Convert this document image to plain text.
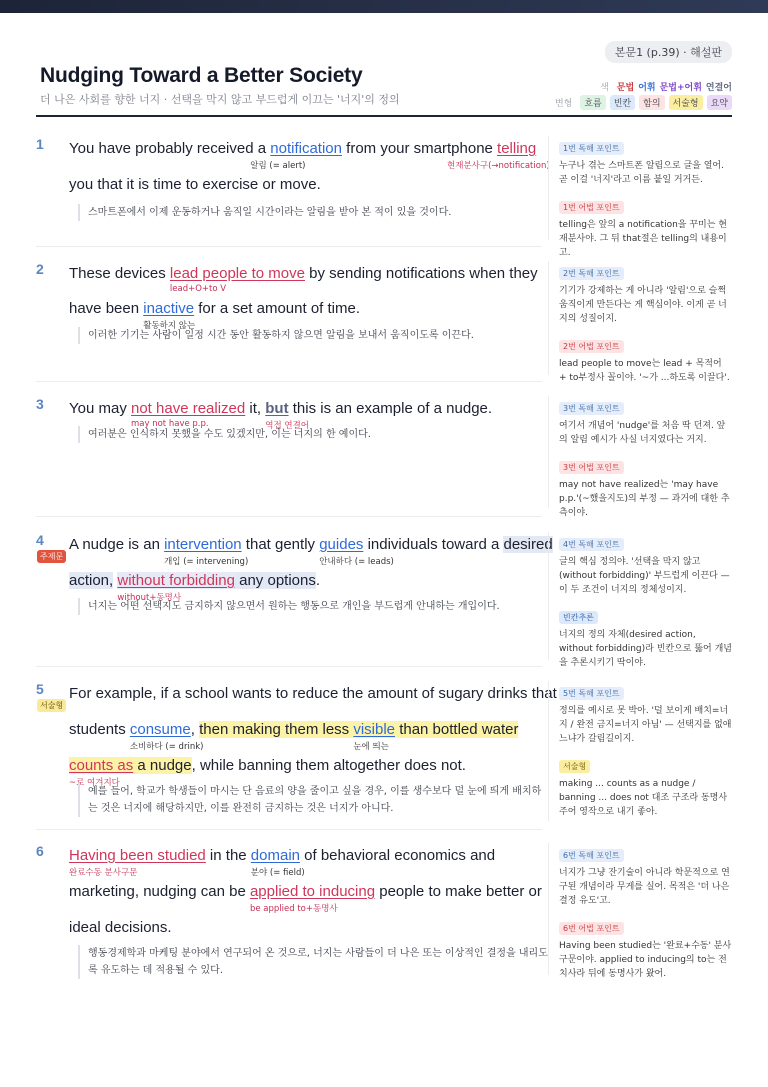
본문1 (p.39) · 해설판
Nudging Toward a Better Society
더 나은 사회를 향한 너지 · 선택을 막지 않고 부드럽게 이끄는 '너지'의 정의
색 문법 어휘 문법+어휘 연결어
변형	흐름	빈칸	함의	서술형	요약
1 You have probably received a notification
알림 (= alert)
from your smartphone telling
현재분사구(→notification)
you that it is time to exercise or move.
스마트폰에서 이제 운동하거나 움직일 시간이라는 알림을 받아 본 적이 있을 것이다.
1번 독해 포인트
누구나 겪는 스마트폰 알림으로 글을 열어. 곧 이걸 '너지'라고 이름 붙일 거거든.
1번 어법 포인트
telling은 앞의 a notification을 꾸미는 현재분사야. 그 뒤 that절은 telling의 내용이고.
2 These devices lead people to move
lead+O+to V
by sending notifications when they
have been inactive
활동하지 않는
for a set amount of time.
이러한 기기는 사람이 일정 시간 동안 활동하지 않으면 알림을 보내서 움직이도록 이끈다.
2번 독해 포인트
기기가 강제하는 게 아니라 '알림'으로 슬쩍 움직이게 만든다는 게 핵심이야. 이게 곧 너지의 성질이지.
2번 어법 포인트
lead people to move는 lead + 목적어 + to부정사 꼴이야. '~가 ...하도록 이끌다'.
3 You may not have realized
may not have p.p.
it, but
역접 연결어
this is an example of a nudge.
여러분은 인식하지 못했을 수도 있겠지만, 이는 너지의 한 예이다.
3번 독해 포인트
여기서 개념어 'nudge'를 처음 딱 던져. 앞의 알림 예시가 사실 너지였다는 거지.
3번 어법 포인트
may not have realized는 'may have p.p.'(~했을지도)의 부정 — 과거에 대한 추측이야.
4
주제문
A nudge is an intervention
개입 (= intervening)
that gently guides
안내하다 (= leads)
individuals toward a desired
action, without forbidding
without+동명사
any options.
너지는 어떤 선택지도 금지하지 않으면서 원하는 행동으로 개인을 부드럽게 안내하는 개입이다.
4번 독해 포인트
글의 핵심 정의야. '선택을 막지 않고(without forbidding)' 부드럽게 이끈다 — 이 두 조건이 너지의 정체성이지.
빈칸추론
너지의 정의 자체(desired action, without forbidding)라 빈칸으로 뚫어 개념을 추론시키기 딱이야.
5
서술형
For example, if a school wants to reduce the amount of sugary drinks that
students consume
소비하다 (= drink)
, then making them less visible
눈에 띄는
than bottled water
counts as
~로 여겨지다
a nudge, while banning them altogether does not.
예를 들어, 학교가 학생들이 마시는 단 음료의 양을 줄이고 싶을 경우, 이를 생수보다 덜 눈에 띄게 배치하는 것은 너지에 해당하지만, 이를 완전히 금지하는 것은 너지가 아니다.
5번 독해 포인트
정의를 예시로 못 박아. '덜 보이게 배치=너지 / 완전 금지=너지 아님' — 선택지를 없애느냐가 갈림길이지.
서술형
making ... counts as a nudge / banning ... does not 대조 구조라 동명사 주어 영작으로 내기 좋아.
6 Having been studied
완료수동 분사구문
in the domain
분야 (= field)
of behavioral economics and
marketing, nudging can be applied to inducing
be applied to+동명사
people to make better or
ideal decisions.
행동경제학과 마케팅 분야에서 연구되어 온 것으로, 너지는 사람들이 더 나은 또는 이상적인 결정을 내리도록 유도하는 데 적용될 수 있다.
6번 독해 포인트
너지가 그냥 잔기술이 아니라 학문적으로 연구된 개념이라 무게를 실어. 목적은 '더 나은 결정 유도'고.
6번 어법 포인트
Having been studied는 '완료+수동' 분사구문이야. applied to inducing의 to는 전치사라 뒤에 동명사가 왔어.
